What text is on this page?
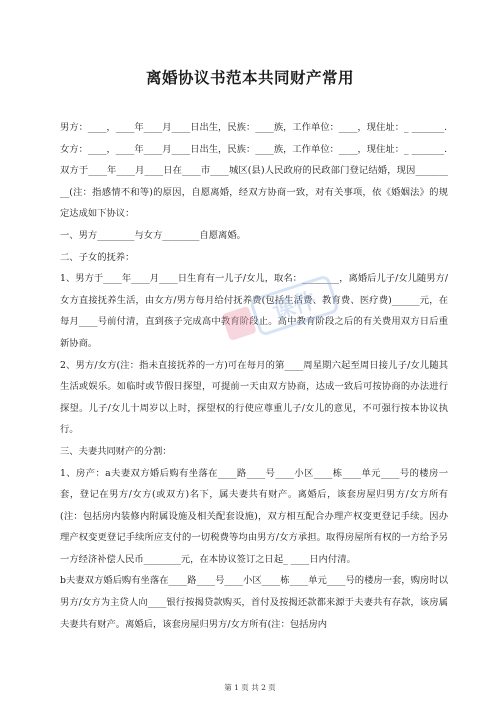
离婚协议书范本共同财产常用

男方：____，____年____月____日出生，民族：____族，工作单位：____，现住址：_ _______.

女方：____，____年____月____日出生，民族：____族，工作单位：____，现住址：_ _______.

双方于____年____月____日在____市____城区(县)人民政府的民政部门登记结婚，现因_________(注：指感情不和等)的原因，自愿离婚，经双方协商一致，对有关事项，依《婚姻法》的规定达成如下协议：

一、男方________与女方________自愿离婚。

二、子女的抚养：

1、男方于____年____月____日生育有一儿子/女儿，取名：________，离婚后儿子/女儿随男方/女方直接抚养生活，由女方/男方每月给付抚养费(包括生活费、教育费、医疗费)______元，在每月____号前付清，直到孩子完成高中教育阶段止。高中教育阶段之后的有关费用双方日后重新协商。

2、男方/女方(注：指未直接抚养的一方)可在每月的第____周星期六起至周日接儿子/女儿随其生活或娱乐。如临时或节假日探望，可提前一天由双方协商，达成一致后可按协商的办法进行探望。儿子/女儿十周岁以上时，探望权的行使应尊重儿子/女儿的意见，不可强行按本协议执行。

三、夫妻共同财产的分割：

1、房产：a夫妻双方婚后购有坐落在____路____号____小区____栋____单元____号的楼房一套，登记在男方/女方(或双方)名下，属夫妻共有财产。离婚后，该套房屋归男方/女方所有(注：包括房内装修内附属设施及相关配套设施)，双方相互配合办理产权变更登记手续。因办理产权变更登记手续所应支付的一切税费等均由男方/女方承担。取得房屋所有权的一方给予另一方经济补偿人民币________元，在本协议签订之日起_ ____日内付清。

b夫妻双方婚后购有坐落在____路____号____小区____栋____单元____号的楼房一套，购房时以男方/女方为主贷人向____银行按揭贷款购买，首付及按揭还款都来源于夫妻共有存款，该房属夫妻共有财产。离婚后，该套房屋归男方/女方所有(注：包括房内

课件
第 1 页 共 2 页
